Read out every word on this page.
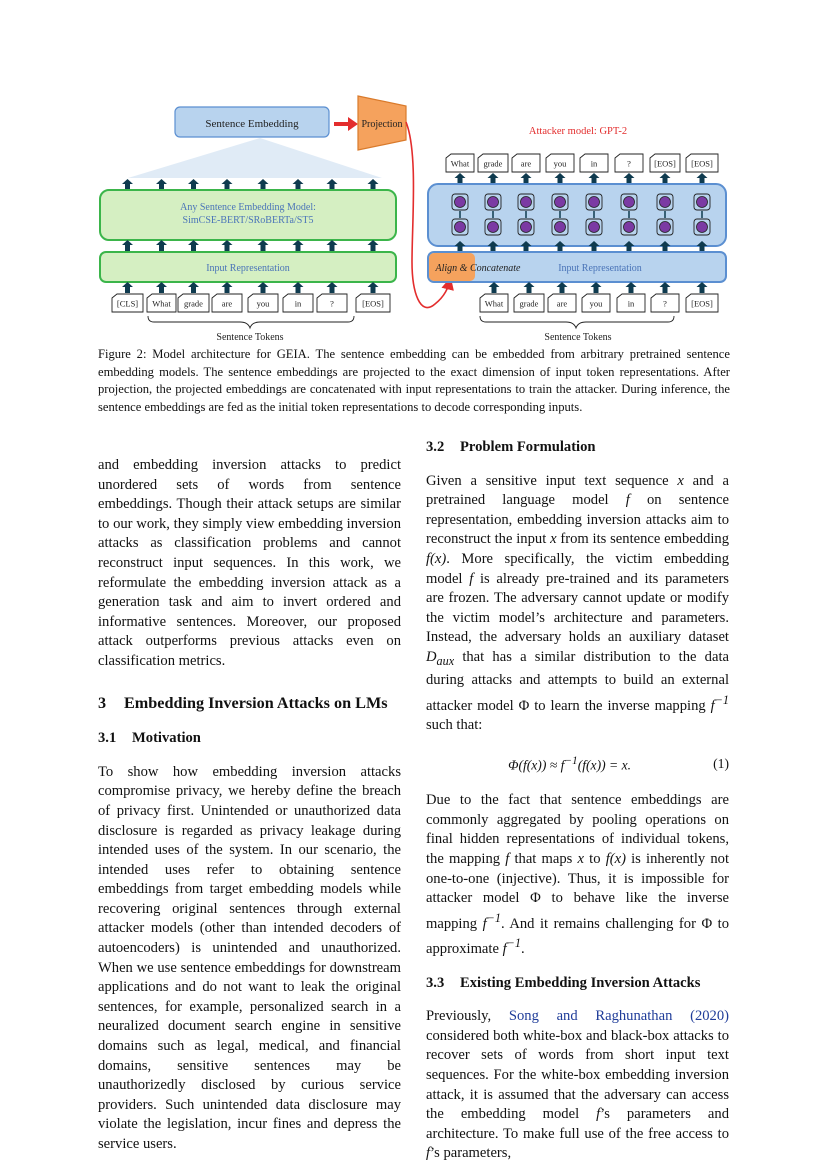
Sentence Embedding	Projection
Any Sentence Embedding Model:
SimCSE-BERT/SRoBERTa/ST5
Input Representation
[CLS] What grade are	you	in	?	[EOS]
Sentence Tokens
Attacker model: GPT-2
What grade are	you	in	?	[EOS] [EOS]
Align & Concatenate	Input Representation
What grade are	you	in	?	[EOS]
Sentence Tokens

Figure 2: Model architecture for GEIA. The sentence embedding can be embedded from arbitrary pretrained sentence embedding models. The sentence embeddings are projected to the exact dimension of input token representations. After projection, the projected embeddings are concatenated with input representations to train the attacker. During inference, the sentence embeddings are fed as the initial token representations to decode corresponding inputs.

and embedding inversion attacks to predict unordered sets of words from sentence embeddings. Though their attack setups are similar to our work, they simply view embedding inversion attacks as classification problems and cannot reconstruct input sequences. In this work, we reformulate the embedding inversion attack as a generation task and aim to invert ordered and informative sentences. Moreover, our proposed attack outperforms previous attacks even on classification metrics.

3 Embedding Inversion Attacks on LMs
3.1 Motivation

To show how embedding inversion attacks compromise privacy, we hereby define the breach of privacy first. Unintended or unauthorized data disclosure is regarded as privacy leakage during intended uses of the system. In our scenario, the intended uses refer to obtaining sentence embeddings from target embedding models while recovering original sentences through external attacker models (other than intended decoders of autoencoders) is unintended and unauthorized. When we use sentence embeddings for downstream applications and do not want to leak the original sentences, for example, personalized search in a neuralized document search engine in sensitive domains such as legal, medical, and financial domains, sensitive sentences may be unauthorizedly disclosed by curious service providers. Such unintended data disclosure may violate the legislation, incur fines and depress the service users.

3.2 Problem Formulation

Given a sensitive input text sequence x and a pretrained language model f on sentence representation, embedding inversion attacks aim to reconstruct the input x from its sentence embedding f(x). More specifically, the victim embedding model f is already pre-trained and its parameters are frozen. The adversary cannot update or modify the victim model’s architecture and parameters. Instead, the adversary holds an auxiliary dataset $D_{aux}$ that has a similar distribution to the data during attacks and attempts to build an external attacker model Φ to learn the inverse mapping $f^{-1}$ such that:

$\Phi(f(x)) \approx f^{-1}(f(x)) = x$.	(1)

Due to the fact that sentence embeddings are commonly aggregated by pooling operations on final hidden representations of individual tokens, the mapping f that maps x to f(x) is inherently not one-to-one (injective). Thus, it is impossible for attacker model Φ to behave like the inverse mapping $f^{-1}$. And it remains challenging for Φ to approximate $f^{-1}$.

3.3 Existing Embedding Inversion Attacks

Previously, Song and Raghunathan (2020) considered both white-box and black-box attacks to recover sets of words from short input text sequences. For the white-box embedding inversion attack, it is assumed that the adversary can access the embedding model f’s parameters and architecture. To make full use of the free access to f’s parameters,
